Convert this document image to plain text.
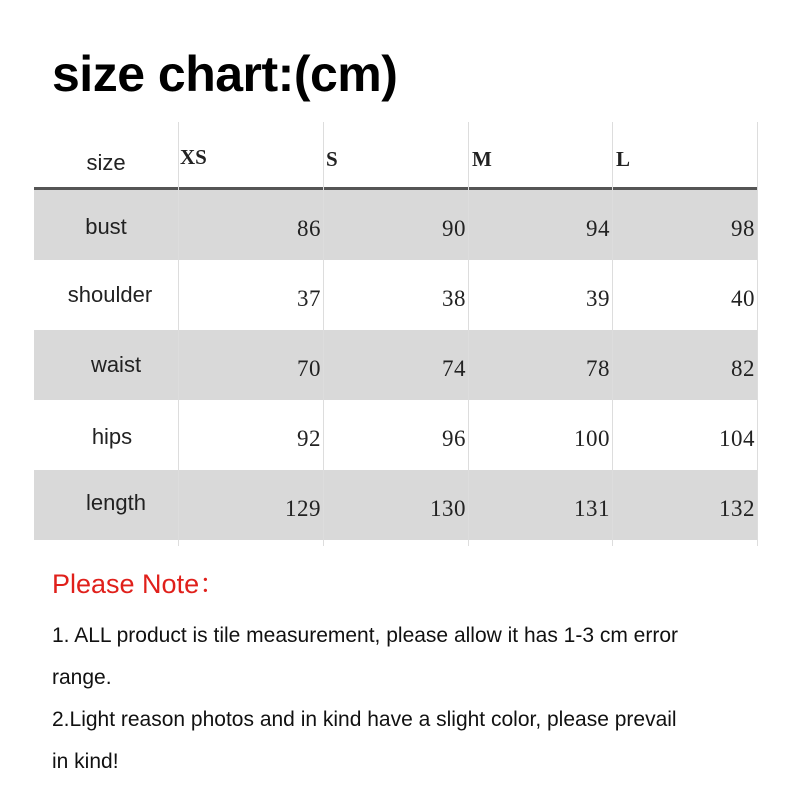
size chart:(cm)
size	XS	S	M	L
bust	86	90	94	98
shoulder	37	38	39	40
waist	70	74	78	82
hips	92	96	100	104
length	129	130	131	132
Please Note：
1. ALL product is tile measurement, please allow it has 1-3 cm error
range.
2.Light reason photos and in kind have a slight color, please prevail
in kind!
